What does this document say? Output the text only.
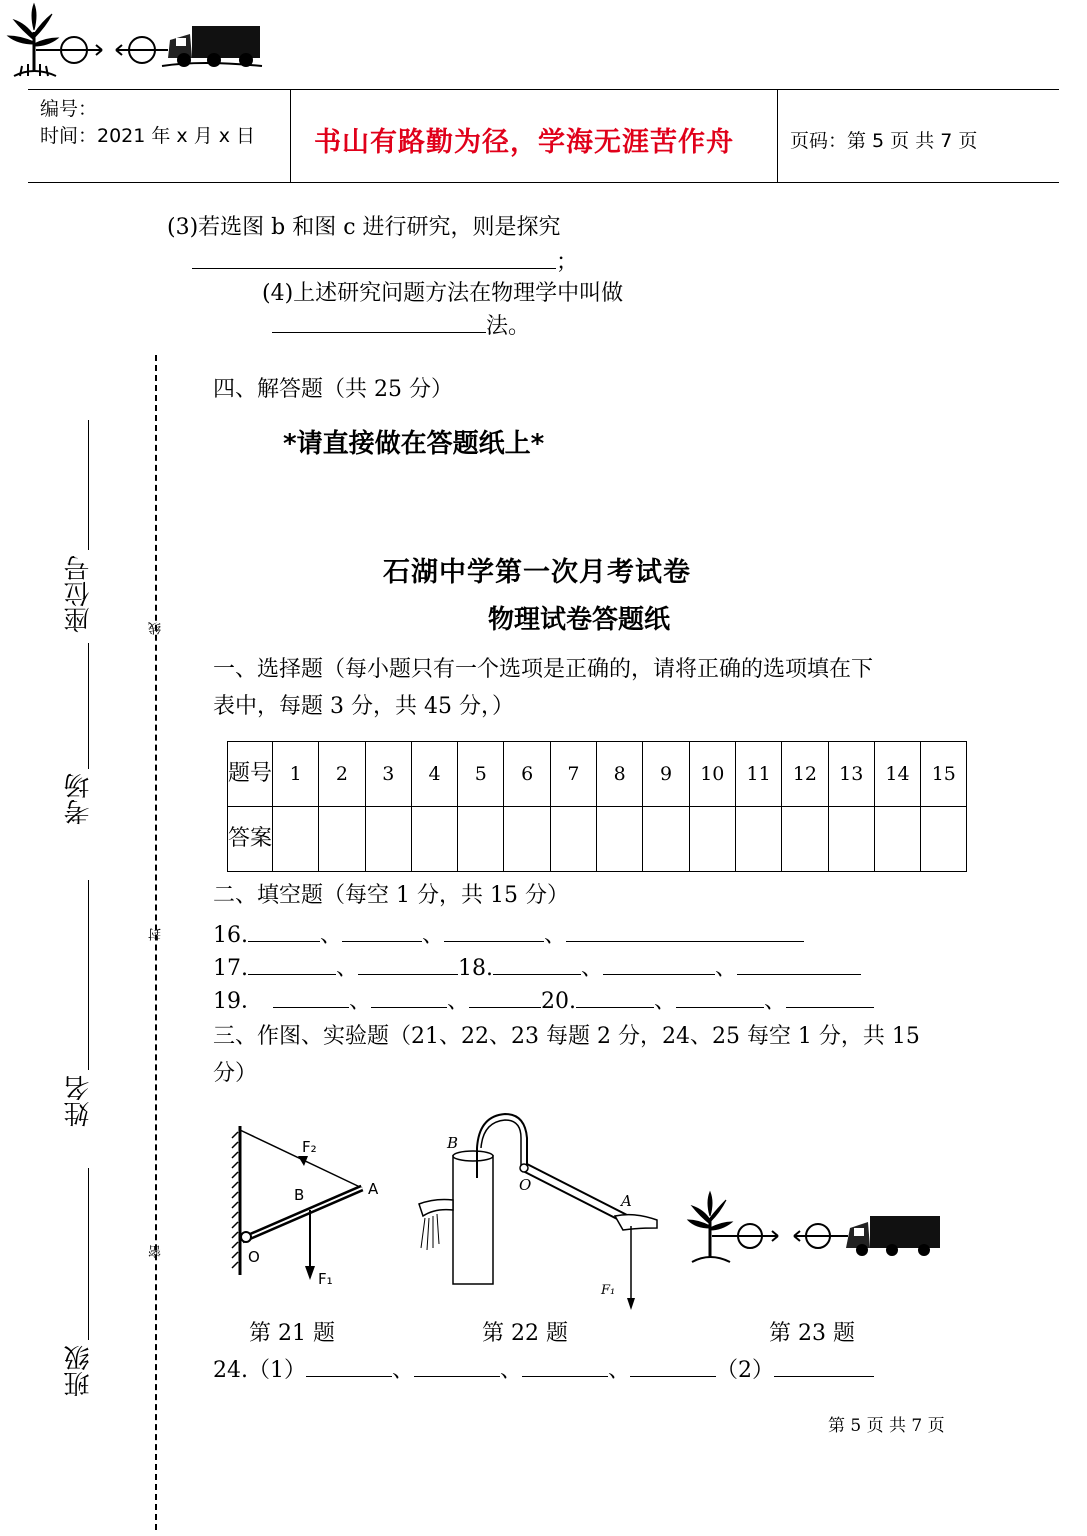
编号：
时间：2021 年 x 月 x 日 书山有路勤为径，学海无涯苦作舟	页码：第 5 页 共 7 页
(3)若选图 b 和图 c 进行研究，则是探究
；
(4)上述研究问题方法在物理学中叫做
法。
四、解答题（共 25 分）
*请直接做在答题纸上*
石湖中学第一次月考试卷
物理试卷答题纸
一、选择题（每小题只有一个选项是正确的，请将正确的选项填在下
表中，每题 3 分，共 45 分，）
题号	1	2	3	4	5	6	7	8	9	10	11	12	13	14	15
答案															
二、填空题（每空 1 分，共 15 分）
16.	、	、	、
17.	、	18.	、	、
19．	、	、	20.	、	、
三、作图、实验题（21、22、23 每题 2 分，24、25 每空 1 分，共 15
分）
F₂
B	A
O
F₁
B
O
A
F₁
第 21 题	第 22 题	第 23 题
24.（1）	、	、	、	（2）
第 5 页 共 7 页
座位号
考场
姓名
班级
线
封
密
